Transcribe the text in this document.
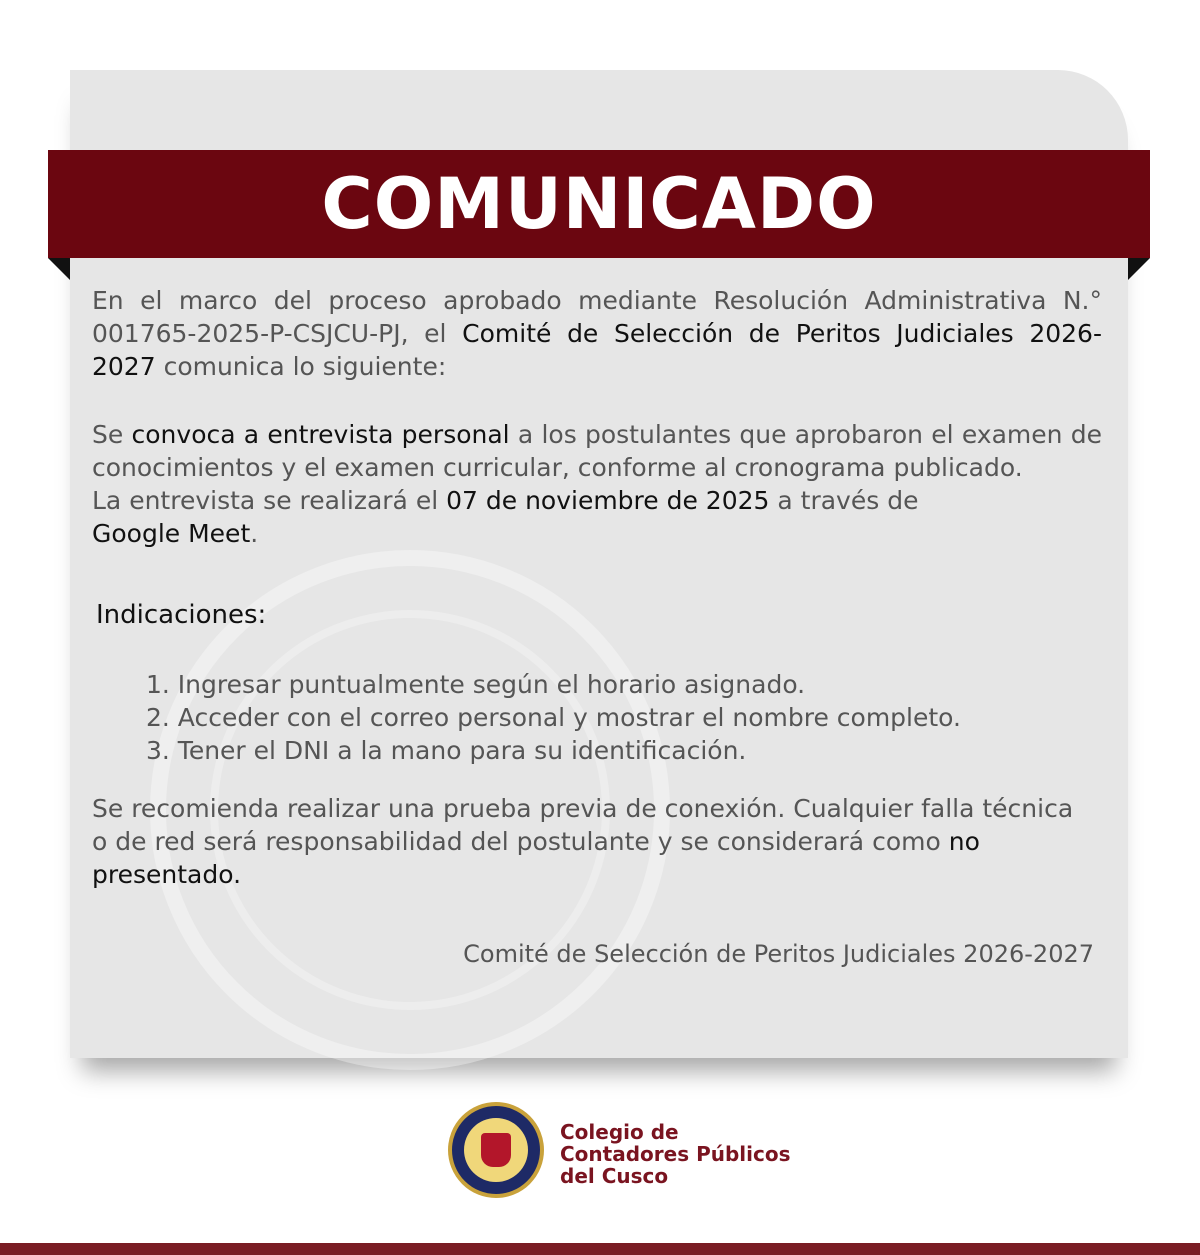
COMUNICADO
En el marco del proceso aprobado mediante Resolución Administrativa N.° 001765-2025-P-CSJCU-PJ, el Comité de Selección de Peritos Judiciales 2026-2027 comunica lo siguiente:
Se convoca a entrevista personal a los postulantes que aprobaron el examen de conocimientos y el examen curricular, conforme al cronograma publicado.
La entrevista se realizará el 07 de noviembre de 2025 a través de
Google Meet.
Indicaciones:
1. Ingresar puntualmente según el horario asignado.
2. Acceder con el correo personal y mostrar el nombre completo.
3. Tener el DNI a la mano para su identificación.
Se recomienda realizar una prueba previa de conexión. Cualquier falla técnica o de red será responsabilidad del postulante y se considerará como no presentado.
Comité de Selección de Peritos Judiciales 2026-2027
Colegio de
Contadores Públicos
del Cusco
